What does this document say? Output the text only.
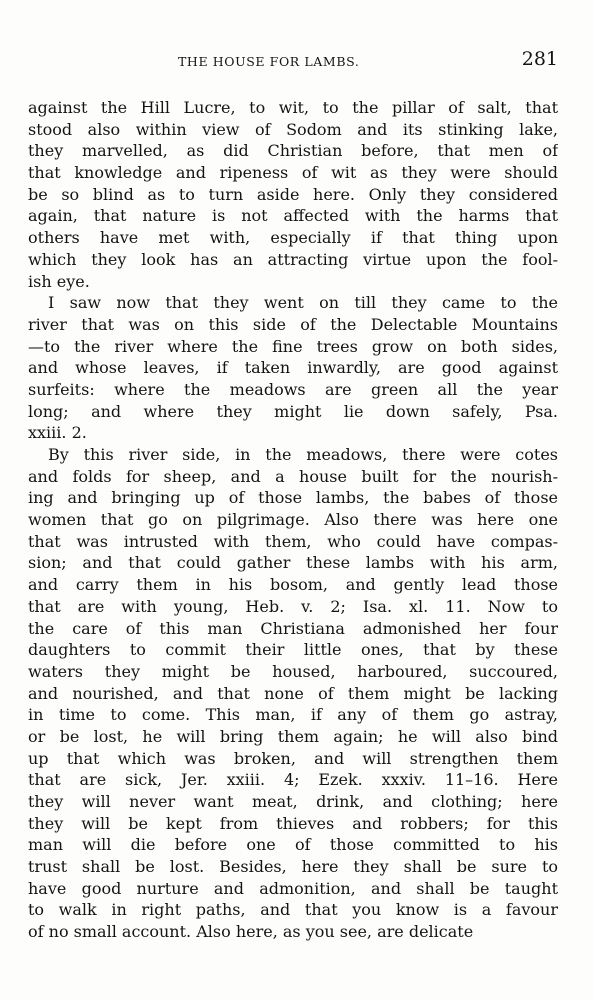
THE HOUSE FOR LAMBS.	281
against the Hill Lucre, to wit, to the pillar of salt, that
stood also within view of Sodom and its stinking lake,
they marvelled, as did Christian before, that men of
that knowledge and ripeness of wit as they were should
be so blind as to turn aside here. Only they considered
again, that nature is not affected with the harms that
others have met with, especially if that thing upon
which they look has an attracting virtue upon the fool-
ish eye.
I saw now that they went on till they came to the
river that was on this side of the Delectable Mountains
—to the river where the fine trees grow on both sides,
and whose leaves, if taken inwardly, are good against
surfeits: where the meadows are green all the year
long; and where they might lie down safely, Psa.
xxiii. 2.
By this river side, in the meadows, there were cotes
and folds for sheep, and a house built for the nourish-
ing and bringing up of those lambs, the babes of those
women that go on pilgrimage. Also there was here one
that was intrusted with them, who could have compas-
sion; and that could gather these lambs with his arm,
and carry them in his bosom, and gently lead those
that are with young, Heb. v. 2; Isa. xl. 11. Now to
the care of this man Christiana admonished her four
daughters to commit their little ones, that by these
waters they might be housed, harboured, succoured,
and nourished, and that none of them might be lacking
in time to come. This man, if any of them go astray,
or be lost, he will bring them again; he will also bind
up that which was broken, and will strengthen them
that are sick, Jer. xxiii. 4; Ezek. xxxiv. 11–16. Here
they will never want meat, drink, and clothing; here
they will be kept from thieves and robbers; for this
man will die before one of those committed to his
trust shall be lost. Besides, here they shall be sure to
have good nurture and admonition, and shall be taught
to walk in right paths, and that you know is a favour
of no small account. Also here, as you see, are delicate
